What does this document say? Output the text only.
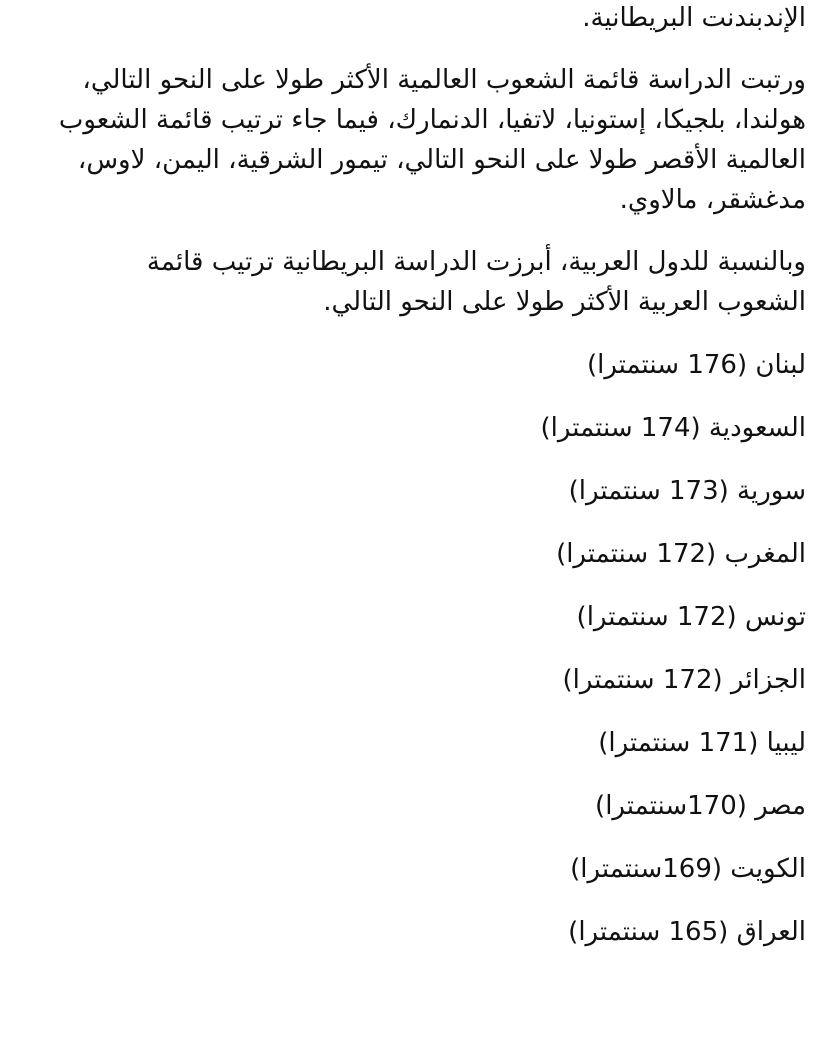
الإندبندنت البريطانية.

ورتبت الدراسة قائمة الشعوب العالمية الأكثر طولا على النحو التالي، هولندا، بلجيكا، إستونيا، لاتفيا، الدنمارك، فيما جاء ترتيب قائمة الشعوب العالمية الأقصر طولا على النحو التالي، تيمور الشرقية، اليمن، لاوس، مدغشقر، مالاوي.

وبالنسبة للدول العربية، أبرزت الدراسة البريطانية ترتيب قائمة الشعوب العربية الأكثر طولا على النحو التالي.

لبنان (176 سنتمترا)
السعودية (174 سنتمترا)
سورية (173 سنتمترا)
المغرب (172 سنتمترا)
تونس (172 سنتمترا)
الجزائر (172 سنتمترا)
ليبيا (171 سنتمترا)
مصر (170سنتمترا)
الكويت (169سنتمترا)
العراق (165 سنتمترا)
